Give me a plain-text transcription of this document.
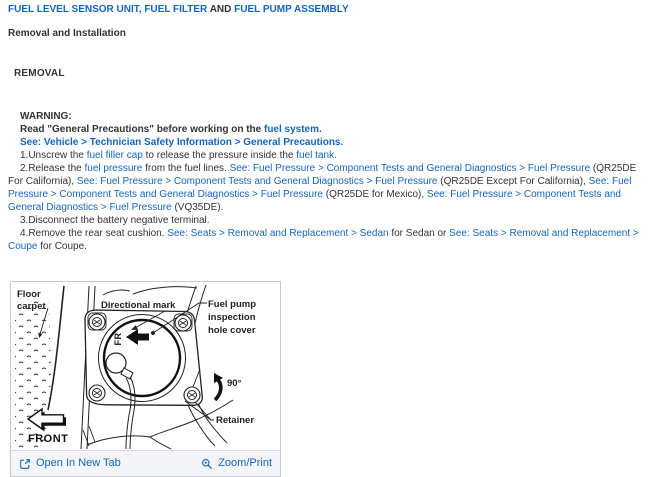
FUEL LEVEL SENSOR UNIT, FUEL FILTER AND FUEL PUMP ASSEMBLY
Removal and Installation
REMOVAL
WARNING:
Read "General Precautions" before working on the fuel system.
See: Vehicle > Technician Safety Information > General Precautions.

1.Unscrew the fuel filler cap to release the pressure inside the fuel tank.

2.Release the fuel pressure from the fuel lines. See: Fuel Pressure > Component Tests and General Diagnostics > Fuel Pressure (QR25DE For California), See: Fuel Pressure > Component Tests and General Diagnostics > Fuel Pressure (QR25DE Except For California), See: Fuel Pressure > Component Tests and General Diagnostics > Fuel Pressure (QR25DE for Mexico), See: Fuel Pressure > Component Tests and General Diagnostics > Fuel Pressure (VQ35DE).

3.Disconnect the battery negative terminal.

4.Remove the rear seat cushion. See: Seats > Removal and Replacement > Sedan for Sedan or See: Seats > Removal and Replacement > Coupe for Coupe.

FR
Floor
carpet	Directional mark	Fuel pump
inspection
hole cover
90°
Retainer
FRONT
Open In New Tab	Zoom/Print
